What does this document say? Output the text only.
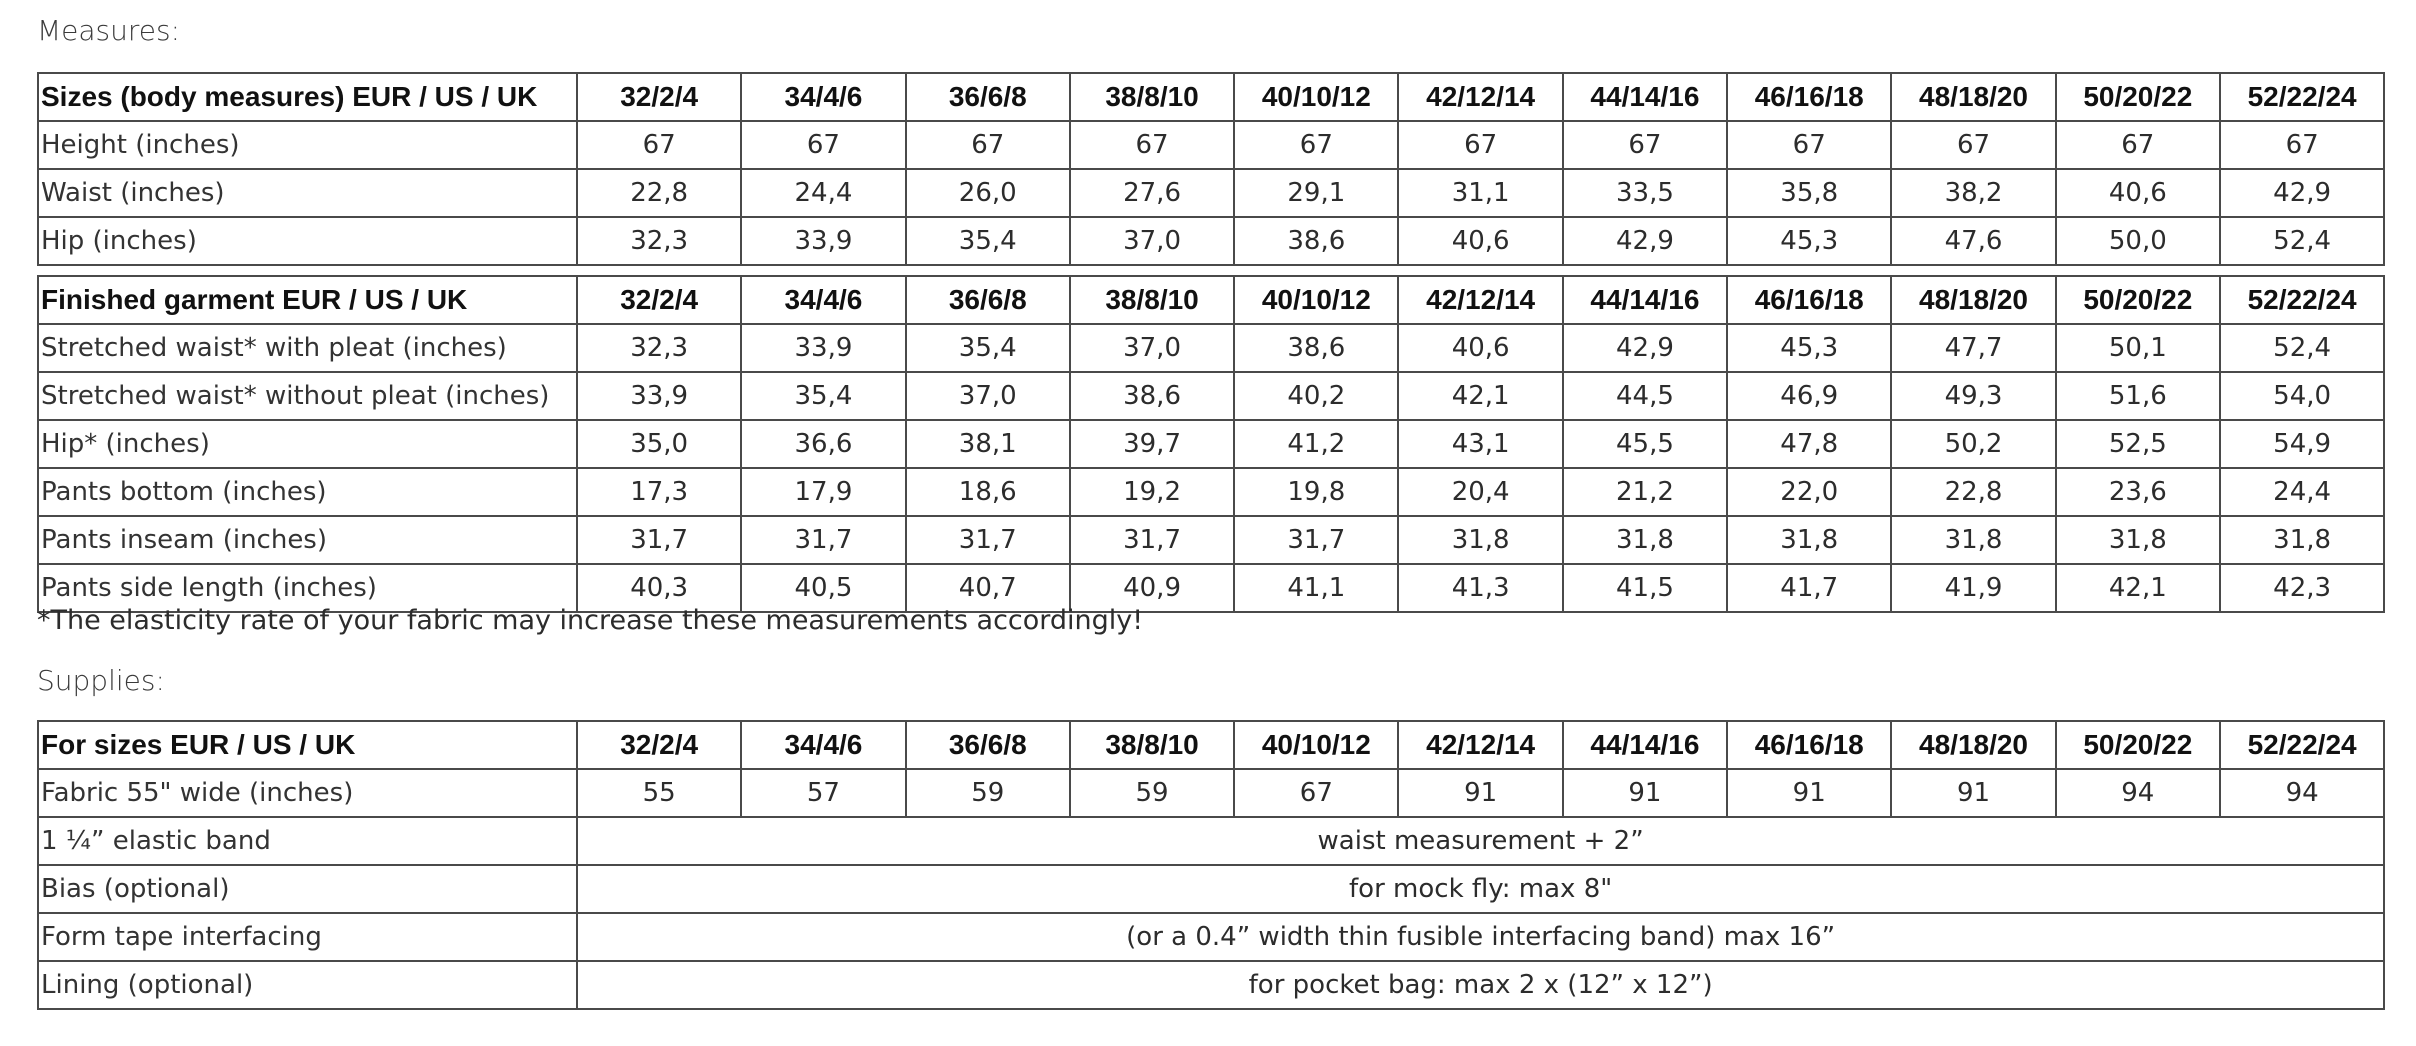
Measures:
Sizes (body measures) EUR / US / UK	32/2/4	34/4/6	36/6/8	38/8/10	40/10/12	42/12/14	44/14/16	46/16/18	48/18/20	50/20/22	52/22/24
Height (inches)	67	67	67	67	67	67	67	67	67	67	67
Waist (inches)	22,8	24,4	26,0	27,6	29,1	31,1	33,5	35,8	38,2	40,6	42,9
Hip (inches)	32,3	33,9	35,4	37,0	38,6	40,6	42,9	45,3	47,6	50,0	52,4
Finished garment EUR / US / UK	32/2/4	34/4/6	36/6/8	38/8/10	40/10/12	42/12/14	44/14/16	46/16/18	48/18/20	50/20/22	52/22/24
Stretched waist* with pleat (inches)	32,3	33,9	35,4	37,0	38,6	40,6	42,9	45,3	47,7	50,1	52,4
Stretched waist* without pleat (inches)	33,9	35,4	37,0	38,6	40,2	42,1	44,5	46,9	49,3	51,6	54,0
Hip* (inches)	35,0	36,6	38,1	39,7	41,2	43,1	45,5	47,8	50,2	52,5	54,9
Pants bottom (inches)	17,3	17,9	18,6	19,2	19,8	20,4	21,2	22,0	22,8	23,6	24,4
Pants inseam (inches)	31,7	31,7	31,7	31,7	31,7	31,8	31,8	31,8	31,8	31,8	31,8
Pants side length (inches)	40,3	40,5	40,7	40,9	41,1	41,3	41,5	41,7	41,9	42,1	42,3
*The elasticity rate of your fabric may increase these measurements accordingly!
Supplies:
For sizes EUR / US / UK	32/2/4	34/4/6	36/6/8	38/8/10	40/10/12	42/12/14	44/14/16	46/16/18	48/18/20	50/20/22	52/22/24
Fabric 55" wide (inches)	55	57	59	59	67	91	91	91	91	94	94
1 ¼” elastic band	waist measurement + 2”										
Bias (optional)	for mock fly: max 8"										
Form tape interfacing	(or a 0.4” width thin fusible interfacing band) max 16”										
Lining (optional)	for pocket bag: max 2 x (12” x 12”)										
